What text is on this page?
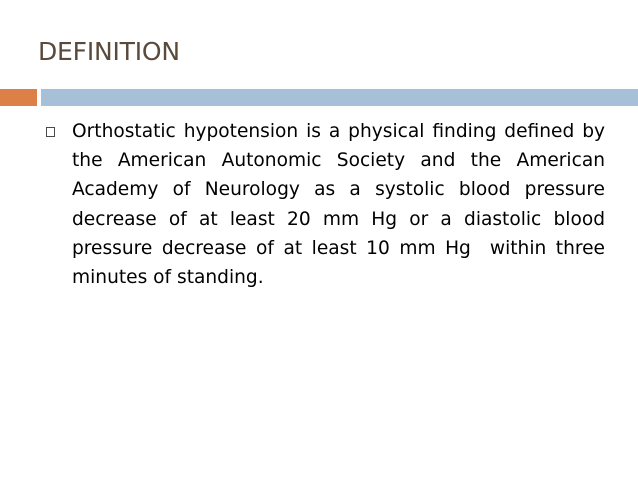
DEFINITION
Orthostatic hypotension is a physical finding defined by the American Autonomic Society and the American Academy of Neurology as a systolic blood pressure decrease of at least 20 mm Hg or a diastolic blood pressure decrease of at least 10 mm Hg  within three minutes of standing.
